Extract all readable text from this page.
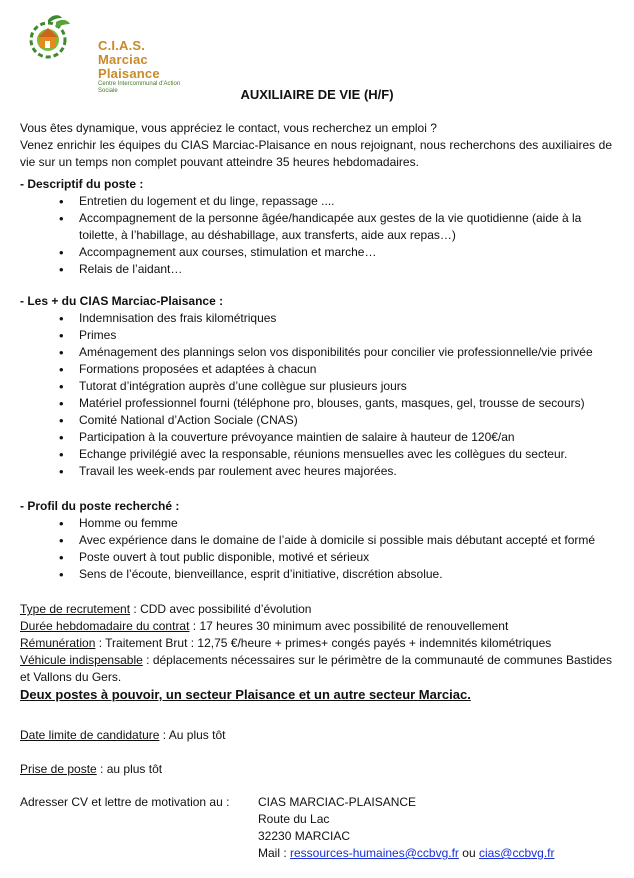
C.I.A.S. Marciac Plaisance
Centre Intercommunal d'Action Sociale	AUXILIAIRE DE VIE (H/F)
Vous êtes dynamique, vous appréciez le contact, vous recherchez un emploi ?
Venez enrichir les équipes du CIAS Marciac-Plaisance en nous rejoignant, nous recherchons des auxiliaires de vie sur un temps non complet pouvant atteindre 35 heures hebdomadaires.
- Descriptif du poste :
• Entretien du logement et du linge, repassage ....
• Accompagnement de la personne âgée/handicapée aux gestes de la vie quotidienne (aide à la toilette, à l’habillage, au déshabillage, aux transferts, aide aux repas…)
• Accompagnement aux courses, stimulation et marche…
• Relais de l’aidant…
- Les + du CIAS Marciac-Plaisance :
• Indemnisation des frais kilométriques
• Primes
• Aménagement des plannings selon vos disponibilités pour concilier vie professionnelle/vie privée
• Formations proposées et adaptées à chacun
• Tutorat d’intégration auprès d’une collègue sur plusieurs jours
• Matériel professionnel fourni (téléphone pro, blouses, gants, masques, gel, trousse de secours)
• Comité National d’Action Sociale (CNAS)
• Participation à la couverture prévoyance maintien de salaire à hauteur de 120€/an
• Echange privilégié avec la responsable, réunions mensuelles avec les collègues du secteur.
• Travail les week-ends par roulement avec heures majorées.
- Profil du poste recherché :
• Homme ou femme
• Avec expérience dans le domaine de l’aide à domicile si possible mais débutant accepté et formé
• Poste ouvert à tout public disponible, motivé et sérieux
• Sens de l’écoute, bienveillance, esprit d’initiative, discrétion absolue.
Type de recrutement : CDD avec possibilité d’évolution
Durée hebdomadaire du contrat : 17 heures 30 minimum avec possibilité de renouvellement
Rémunération : Traitement Brut : 12,75 €/heure + primes+ congés payés + indemnités kilométriques
Véhicule indispensable : déplacements nécessaires sur le périmètre de la communauté de communes Bastides et Vallons du Gers.
Deux postes à pouvoir, un secteur Plaisance et un autre secteur Marciac.
Date limite de candidature : Au plus tôt
Prise de poste : au plus tôt
Adresser CV et lettre de motivation au : CIAS MARCIAC-PLAISANCE
Route du Lac
32230 MARCIAC
Mail : ressources-humaines@ccbvg.fr ou cias@ccbvg.fr
